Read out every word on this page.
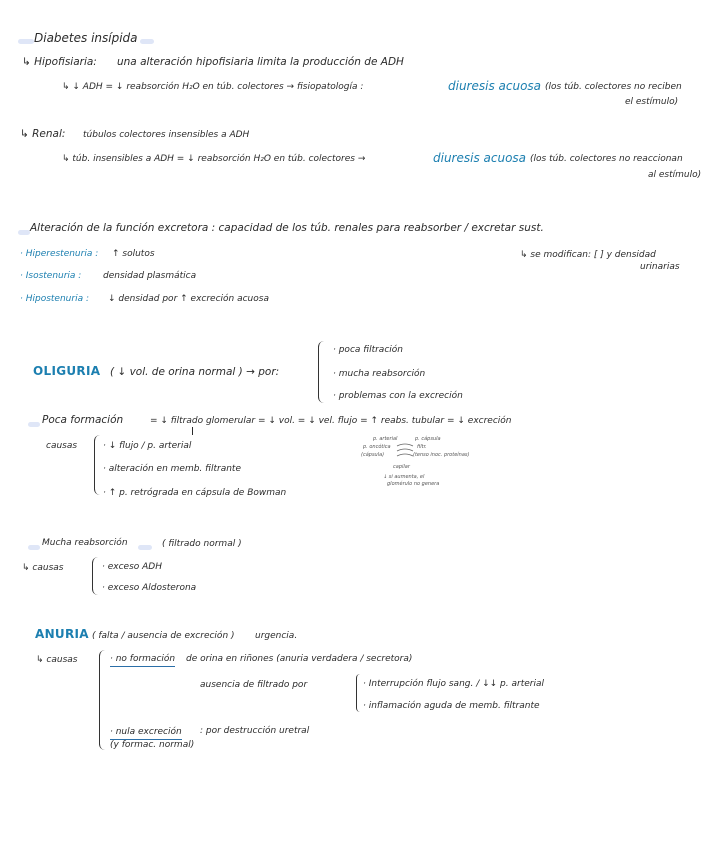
Diabetes insípida
↳ Hipofisiaria: una alteración hipofisiaria limita la producción de ADH
↳ ↓ ADH = ↓ reabsorción H₂O en túb. colectores → fisiopatología :	diuresis acuosa (los túb. colectores no reciben
el estímulo)
↳ Renal: túbulos colectores insensibles a ADH
↳ túb. insensibles a ADH = ↓ reabsorción H₂O en túb. colectores →	diuresis acuosa (los túb. colectores no reaccionan
al estímulo)
Alteración de la función excretora : capacidad de los túb. renales para reabsorber / excretar sust.
· Hiperestenuria : ↑ solutos
· Isostenuria : densidad plasmática
· Hipostenuria : ↓ densidad por ↑ excreción acuosa
↳ se modifican: [ ] y densidad
urinarias
OLIGURIA ( ↓ vol. de orina normal ) → por:
· poca filtración
· mucha reabsorción
· problemas con la excreción
Poca formación	= ↓ filtrado glomerular = ↓ vol. = ↓ vel. flujo = ↑ reabs. tubular = ↓ excreción
causas	· ↓ flujo / p. arterial
· alteración en memb. filtrante
· ↑ p. retrógrada en cápsula de Bowman
p. arterial
p. oncótica
(cápsula)
p. cápsula
filtr.
(tenso inoc. proteínas)
capilar
↓ si aumenta, el
glomérulo no genera
Mucha reabsorción	( filtrado normal )
↳ causas	· exceso ADH
· exceso Aldosterona
ANURIA ( falta / ausencia de excreción ) urgencia.
↳ causas	· no formación de orina en riñones (anuria verdadera / secretora)
ausencia de filtrado por	· Interrupción flujo sang. / ↓↓ p. arterial
· inflamación aguda de memb. filtrante
· nula excreción : por destrucción uretral
(y formac. normal)
